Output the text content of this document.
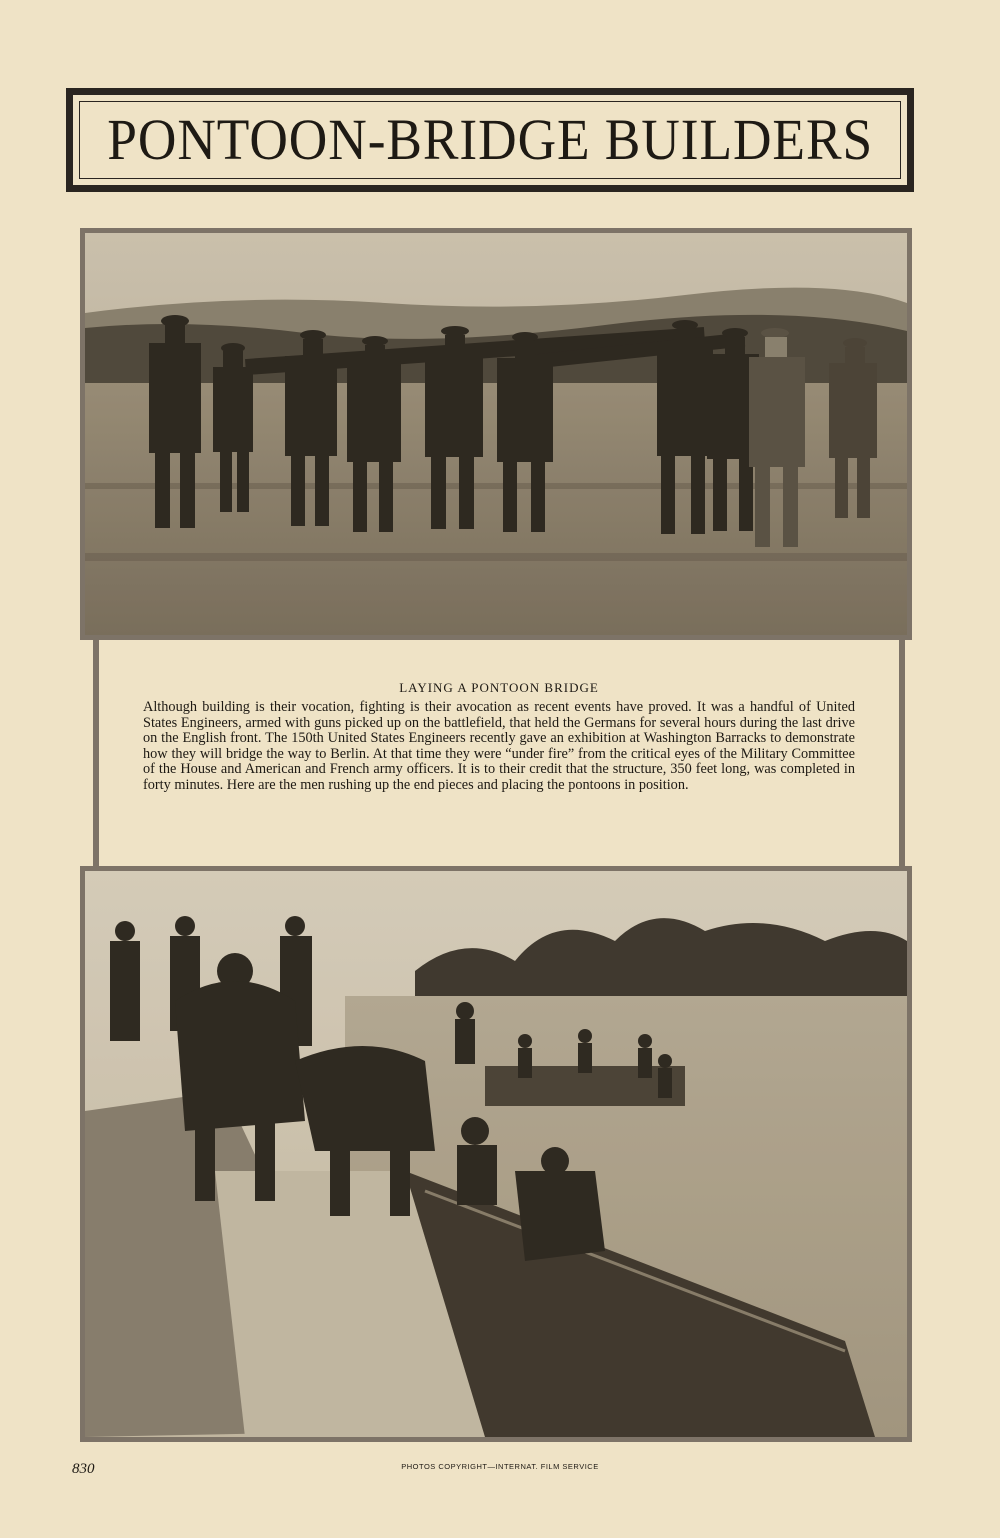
PONTOON-BRIDGE BUILDERS
LAYING A PONTOON BRIDGE
Although building is their vocation, fighting is their avocation as recent events have proved. It was a handful of United States Engineers, armed with guns picked up on the battlefield, that held the Germans for several hours during the last drive on the English front. The 150th United States Engineers recently gave an exhibition at Washington Barracks to demonstrate how they will bridge the way to Berlin. At that time they were “under fire” from the critical eyes of the Military Committee of the House and American and French army officers. It is to their credit that the structure, 350 feet long, was completed in forty minutes. Here are the men rushing up the end pieces and placing the pontoons in position.
830	PHOTOS COPYRIGHT—INTERNAT. FILM SERVICE
